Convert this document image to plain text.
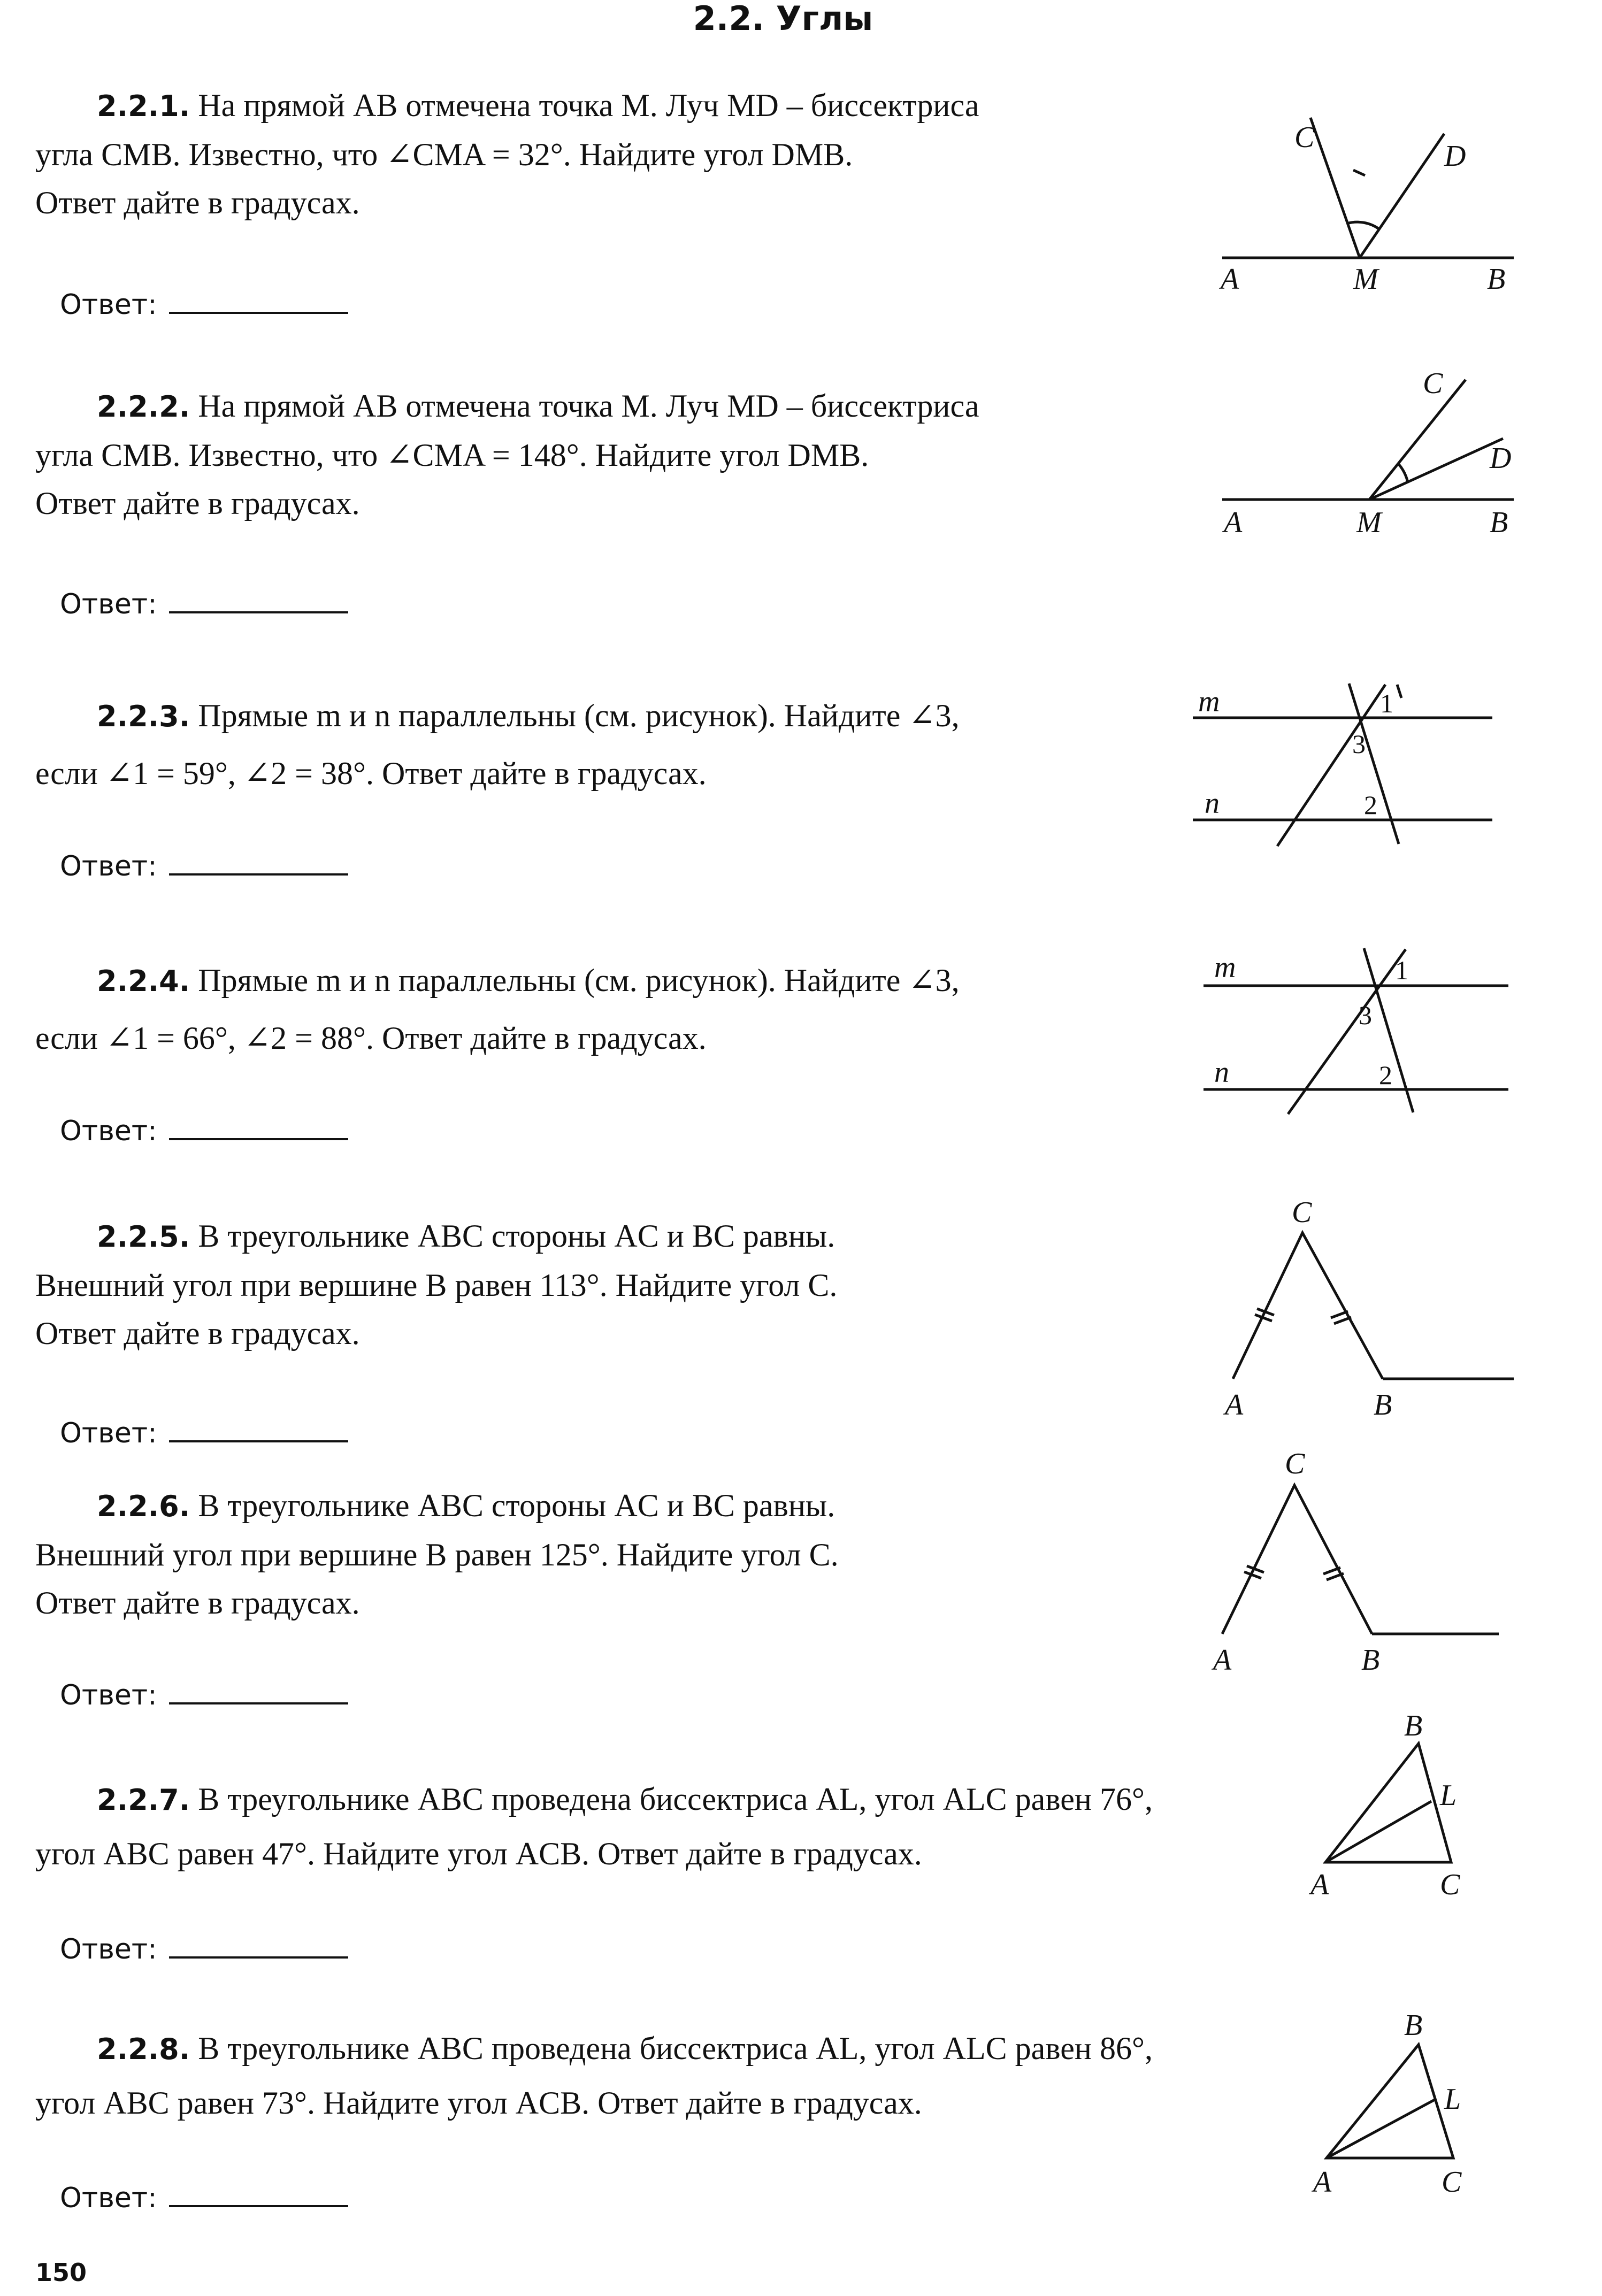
2.2. Углы

2.2.1. На прямой AB отмечена точка M. Луч MD – биссектриса
угла CMB. Известно, что ∠CMA = 32°. Найдите угол DMB.
Ответ дайте в градусах.

Ответ:
A	M	B
C
D

2.2.2. На прямой AB отмечена точка M. Луч MD – биссектриса
угла CMB. Известно, что ∠CMA = 148°. Найдите угол DMB.
Ответ дайте в градусах.

Ответ:
A	M	B
C
D

2.2.3. Прямые m и n параллельны (см. рисунок). Найдите ∠3,
если ∠1 = 59°, ∠2 = 38°. Ответ дайте в градусах.

Ответ:
m
n
1
3
2

2.2.4. Прямые m и n параллельны (см. рисунок). Найдите ∠3,
если ∠1 = 66°, ∠2 = 88°. Ответ дайте в градусах.

Ответ:
m
n
1
3
2

2.2.5. В треугольнике ABC стороны AC и BC равны.
Внешний угол при вершине B равен 113°. Найдите угол C.
Ответ дайте в градусах.

Ответ:
C
A	B

2.2.6. В треугольнике ABC стороны AC и BC равны.
Внешний угол при вершине B равен 125°. Найдите угол C.
Ответ дайте в градусах.

Ответ:
C
A	B

2.2.7. В треугольнике ABC проведена биссектриса AL, угол ALC равен 76°,
угол ABC равен 47°. Найдите угол ACB. Ответ дайте в градусах.

Ответ:
B
L
A	C

2.2.8. В треугольнике ABC проведена биссектриса AL, угол ALC равен 86°,
угол ABC равен 73°. Найдите угол ACB. Ответ дайте в градусах.

Ответ:
B
L
A	C
150
